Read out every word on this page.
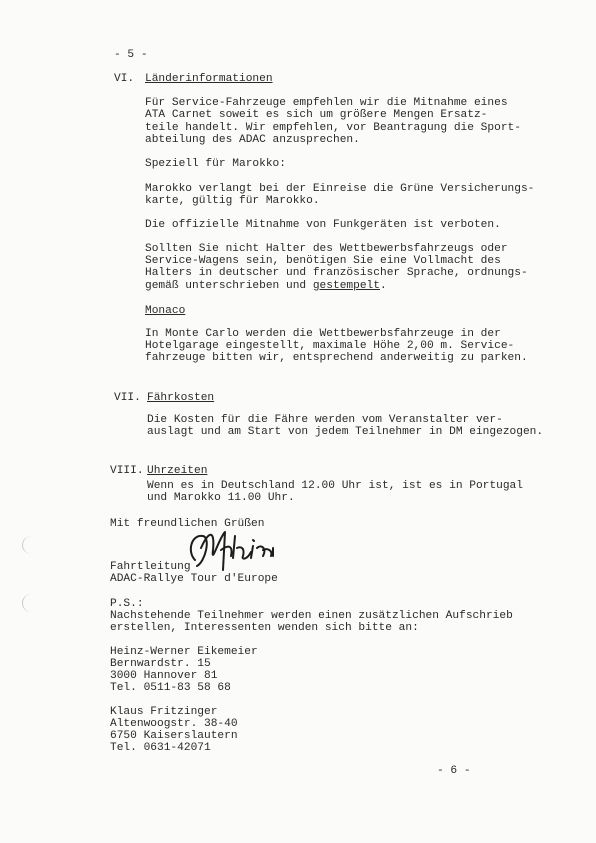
- 5 -
VI. Länderinformationen
Für Service-Fahrzeuge empfehlen wir die Mitnahme eines
ATA Carnet soweit es sich um größere Mengen Ersatz-
teile handelt. Wir empfehlen, vor Beantragung die Sport-
abteilung des ADAC anzusprechen.
Speziell für Marokko:
Marokko verlangt bei der Einreise die Grüne Versicherungs-
karte, gültig für Marokko.
Die offizielle Mitnahme von Funkgeräten ist verboten.
Sollten Sie nicht Halter des Wettbewerbsfahrzeugs oder
Service-Wagens sein, benötigen Sie eine Vollmacht des
Halters in deutscher und französischer Sprache, ordnungs-
gemäß unterschrieben und gestempelt.
Monaco
In Monte Carlo werden die Wettbewerbsfahrzeuge in der
Hotelgarage eingestellt, maximale Höhe 2,00 m. Service-
fahrzeuge bitten wir, entsprechend anderweitig zu parken.
VII. Fährkosten
Die Kosten für die Fähre werden vom Veranstalter ver-
auslagt und am Start von jedem Teilnehmer in DM eingezogen.
VIII. Uhrzeiten
Wenn es in Deutschland 12.00 Uhr ist, ist es in Portugal
und Marokko 11.00 Uhr.
Mit freundlichen Grüßen
Aufhalen
Fahrtleitung
ADAC-Rallye Tour d'Europe
P.S.:
Nachstehende Teilnehmer werden einen zusätzlichen Aufschrieb
erstellen, Interessenten wenden sich bitte an:
Heinz-Werner Eikemeier
Bernwardstr. 15
3000 Hannover 81
Tel. 0511-83 58 68
Klaus Fritzinger
Altenwoogstr. 38-40
6750 Kaiserslautern
Tel. 0631-42071
- 6 -
